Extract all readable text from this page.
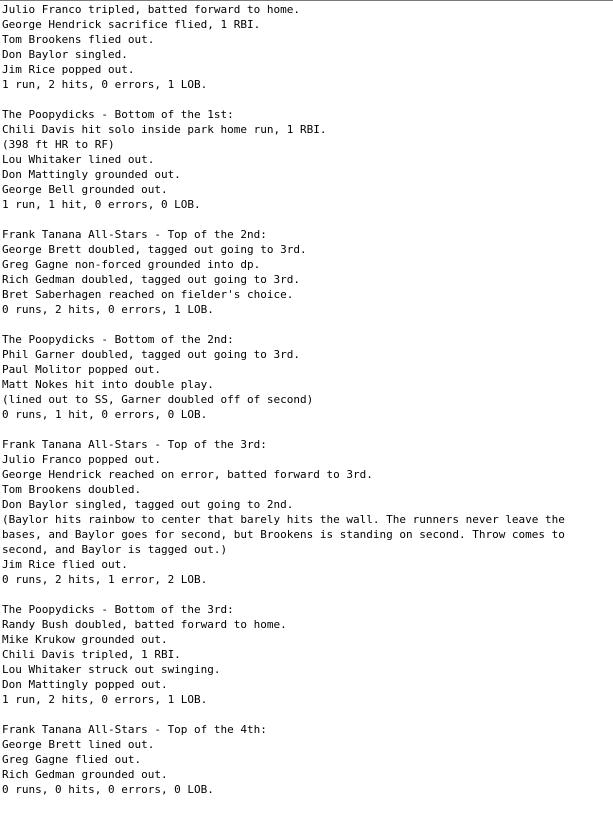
Julio Franco tripled, batted forward to home.
George Hendrick sacrifice flied, 1 RBI.
Tom Brookens flied out.
Don Baylor singled.
Jim Rice popped out.
1 run, 2 hits, 0 errors, 1 LOB.
The Poopydicks - Bottom of the 1st:
Chili Davis hit solo inside park home run, 1 RBI.
(398 ft HR to RF)
Lou Whitaker lined out.
Don Mattingly grounded out.
George Bell grounded out.
1 run, 1 hit, 0 errors, 0 LOB.
Frank Tanana All-Stars - Top of the 2nd:
George Brett doubled, tagged out going to 3rd.
Greg Gagne non-forced grounded into dp.
Rich Gedman doubled, tagged out going to 3rd.
Bret Saberhagen reached on fielder's choice.
0 runs, 2 hits, 0 errors, 1 LOB.
The Poopydicks - Bottom of the 2nd:
Phil Garner doubled, tagged out going to 3rd.
Paul Molitor popped out.
Matt Nokes hit into double play.
(lined out to SS, Garner doubled off of second)
0 runs, 1 hit, 0 errors, 0 LOB.
Frank Tanana All-Stars - Top of the 3rd:
Julio Franco popped out.
George Hendrick reached on error, batted forward to 3rd.
Tom Brookens doubled.
Don Baylor singled, tagged out going to 2nd.
(Baylor hits rainbow to center that barely hits the wall. The runners never leave the bases, and Baylor goes for second, but Brookens is standing on second. Throw comes to second, and Baylor is tagged out.)
Jim Rice flied out.
0 runs, 2 hits, 1 error, 2 LOB.
The Poopydicks - Bottom of the 3rd:
Randy Bush doubled, batted forward to home.
Mike Krukow grounded out.
Chili Davis tripled, 1 RBI.
Lou Whitaker struck out swinging.
Don Mattingly popped out.
1 run, 2 hits, 0 errors, 1 LOB.
Frank Tanana All-Stars - Top of the 4th:
George Brett lined out.
Greg Gagne flied out.
Rich Gedman grounded out.
0 runs, 0 hits, 0 errors, 0 LOB.
